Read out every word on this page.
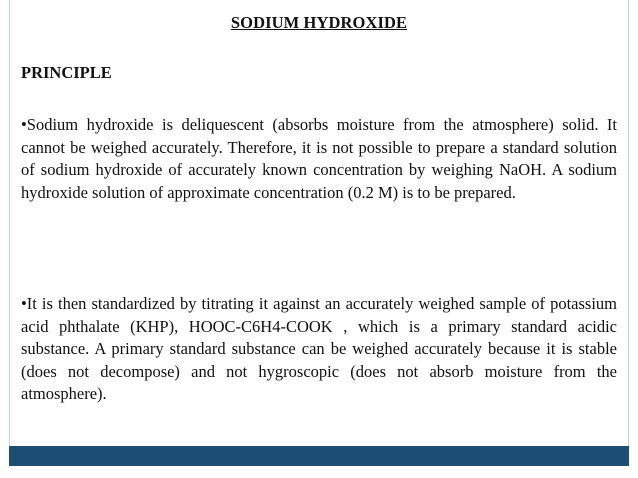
SODIUM HYDROXIDE
PRINCIPLE

•Sodium hydroxide is deliquescent (absorbs moisture from the atmosphere) solid. It cannot be weighed accurately. Therefore, it is not possible to prepare a standard solution of sodium hydroxide of accurately known concentration by weighing NaOH. A sodium hydroxide solution of approximate concentration (0.2 M) is to be prepared.

•It is then standardized by titrating it against an accurately weighed sample of potassium acid phthalate (KHP), HOOC-C6H4-COOK , which is a primary standard acidic substance. A primary standard substance can be weighed accurately because it is stable (does not decompose) and not hygroscopic (does not absorb moisture from the atmosphere).
